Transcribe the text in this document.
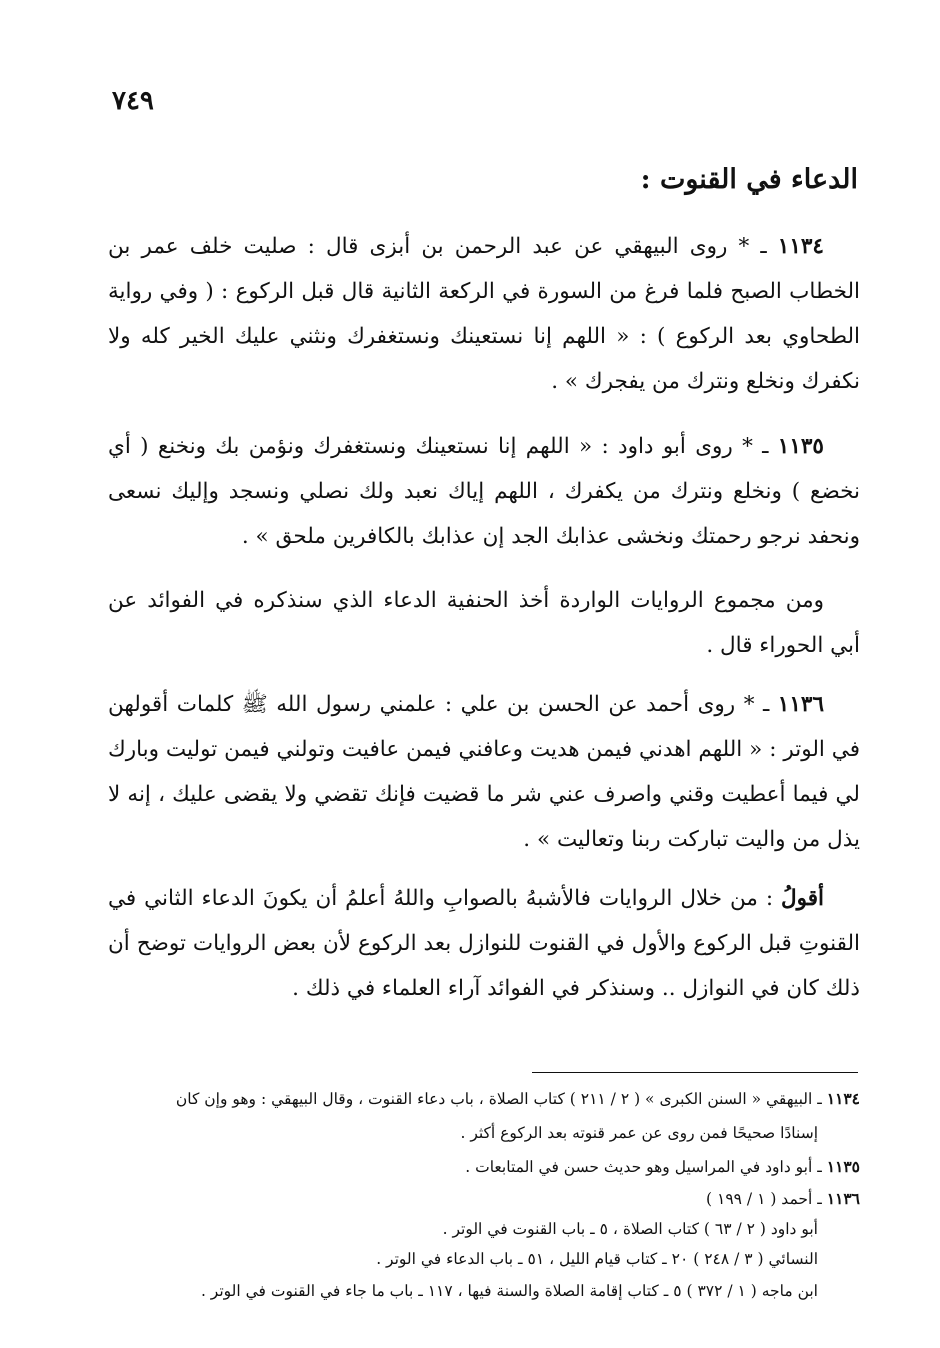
٧٤٩
الدعاء في القنوت :
١١٣٤ ـ * روى البيهقي عن عبد الرحمن بن أبزى قال : صليت خلف عمر بن الخطاب الصبح فلما فرغ من السورة في الركعة الثانية قال قبل الركوع : ( وفي رواية الطحاوي بعد الركوع ) : « اللهم إنا نستعينك ونستغفرك ونثني عليك الخير كله ولا نكفرك ونخلع ونترك من يفجرك » .
١١٣٥ ـ * روى أبو داود : « اللهم إنا نستعينك ونستغفرك ونؤمن بك ونخنع ( أي نخضع ) ونخلع ونترك من يكفرك ، اللهم إياك نعبد ولك نصلي ونسجد وإليك نسعى ونحفد نرجو رحمتك ونخشى عذابك الجد إن عذابك بالكافرين ملحق » .
ومن مجموع الروايات الواردة أخذ الحنفية الدعاء الذي سنذكره في الفوائد عن أبي الحوراء قال .
١١٣٦ ـ * روى أحمد عن الحسن بن علي : علمني رسول الله ﷺ كلمات أقولهن في الوتر : « اللهم اهدني فيمن هديت وعافني فيمن عافيت وتولني فيمن توليت وبارك لي فيما أعطيت وقني واصرف عني شر ما قضيت فإنك تقضي ولا يقضى عليك ، إنه لا يذل من واليت تباركت ربنا وتعاليت » .
أقولُ : من خلال الروايات فالأشبهُ بالصوابِ واللهُ أعلمُ أن يكونَ الدعاء الثاني في القنوتِ قبل الركوع والأول في القنوت للنوازل بعد الركوع لأن بعض الروايات توضح أن ذلك كان في النوازل .. وسنذكر في الفوائد آراء العلماء في ذلك .
١١٣٤ ـ البيهقي « السنن الكبرى » ( ٢ / ٢١١ ) كتاب الصلاة ، باب دعاء القنوت ، وقال البيهقي : وهو وإن كان
إسنادًا صحيحًا فمن روى عن عمر قنوته بعد الركوع أكثر .
١١٣٥ ـ أبو داود في المراسيل وهو حديث حسن في المتابعات .
١١٣٦ ـ أحمد ( ١ / ١٩٩ )
أبو داود ( ٢ / ٦٣ ) كتاب الصلاة ، ٥ ـ باب القنوت في الوتر .
النسائي ( ٣ / ٢٤٨ ) ٢٠ ـ كتاب قيام الليل ، ٥١ ـ باب الدعاء في الوتر .
ابن ماجه ( ١ / ٣٧٢ ) ٥ ـ كتاب إقامة الصلاة والسنة فيها ، ١١٧ ـ باب ما جاء في القنوت في الوتر .
